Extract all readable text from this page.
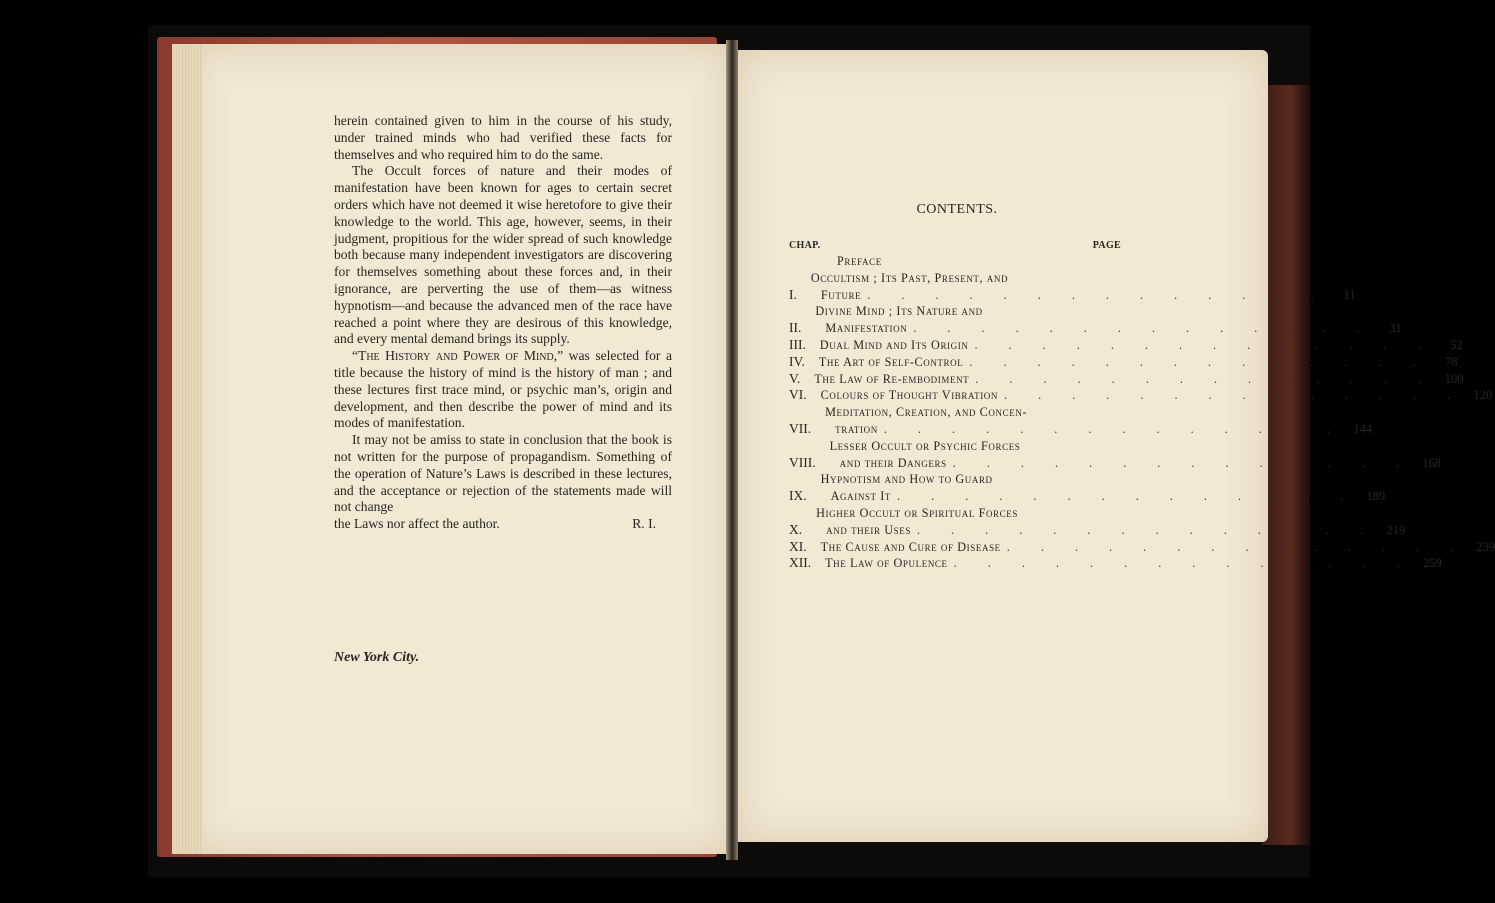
herein contained given to him in the course of his study, under trained minds who had verified these facts for themselves and who required him to do the same.

The Occult forces of nature and their modes of manifestation have been known for ages to certain secret orders which have not deemed it wise heretofore to give their knowledge to the world. This age, however, seems, in their judgment, propitious for the wider spread of such knowledge both because many independent investigators are discovering for themselves something about these forces and, in their ignorance, are perverting the use of them—as witness hypnotism—and because the advanced men of the race have reached a point where they are desirous of this knowledge, and every mental demand brings its supply.

“The History and Power of Mind,” was selected for a title because the history of mind is the history of man ; and these lectures first trace mind, or psychic man’s, origin and development, and then describe the power of mind and its modes of manifestation.

It may not be amiss to state in conclusion that the book is not written for the purpose of propagandism. Something of the operation of Nature’s Laws is described in these lectures, and the acceptance or rejection of the statements made will not change

the Laws nor affect the author.	R. I.
New York City.
CONTENTS.
CHAP.	PAGE
Preface
I.
Occultism ; Its Past, Present, and
Future . . . . . . . . . . . . . .	11
II.
Divine Mind ; Its Nature and
Manifestation . . . . . . . . . . . . . .	31
III.	Dual Mind and Its Origin . . . . . . . . . . . . . .	52
IV.	The Art of Self-Control . . . . . . . . . . . . . .	78
V.	The Law of Re-embodiment . . . . . . . . . . . . . . 100
VI.	Colours of Thought Vibration . . . . . . . . . . . . . . 120
VII.
Meditation, Creation, and Concen-
tration . . . . . . . . . . . . . . 144
VIII.
Lesser Occult or Psychic Forces
and their Dangers . . . . . . . . . . . . . . 168
IX.
Hypnotism and How to Guard
Against It . . . . . . . . . . . . . . 189
X.
Higher Occult or Spiritual Forces
and their Uses . . . . . . . . . . . . . . 219
XI.	The Cause and Cure of Disease . . . . . . . . . . . . . . 239
XII.	The Law of Opulence . . . . . . . . . . . . . . 259
